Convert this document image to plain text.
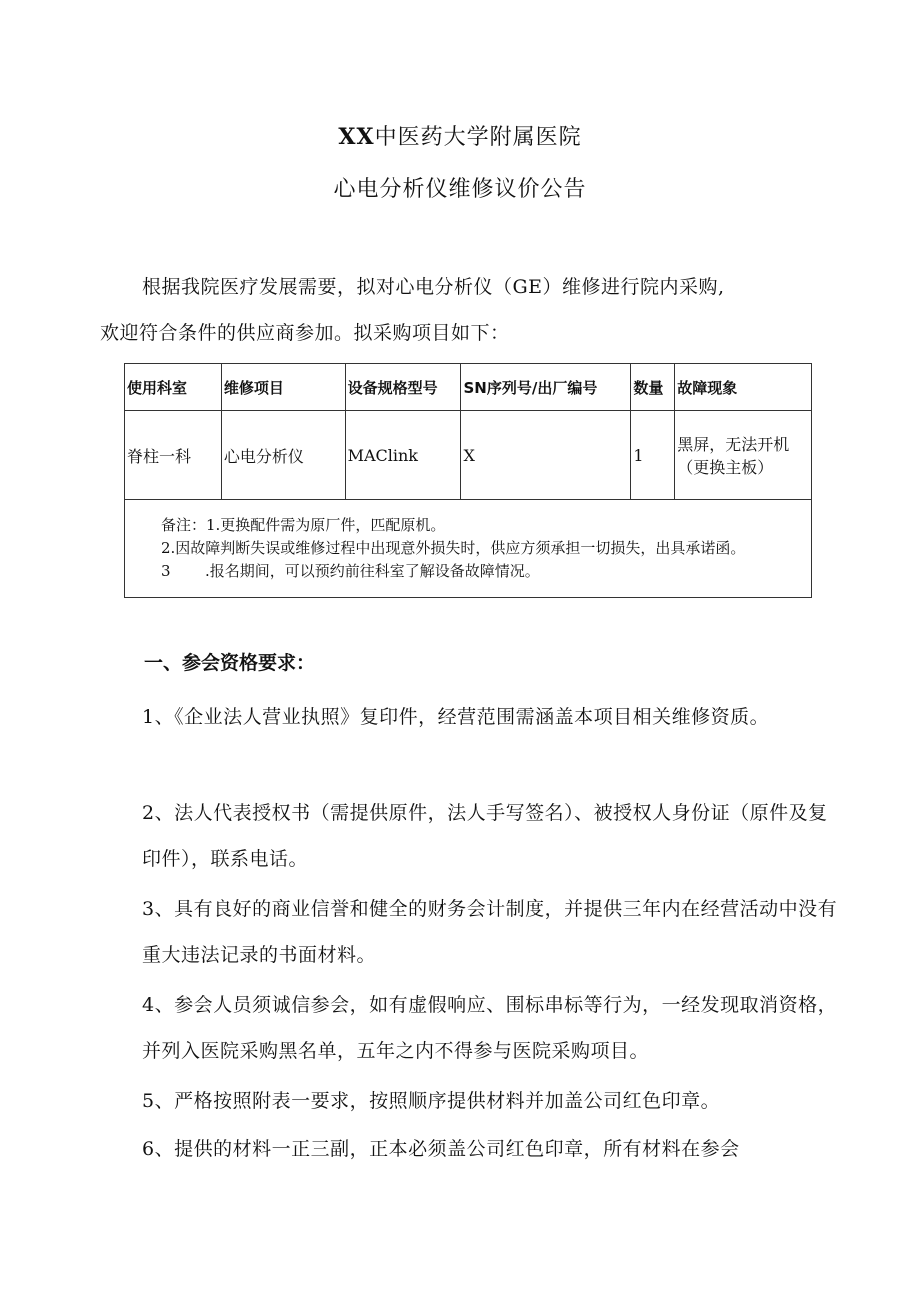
XX中医药大学附属医院
心电分析仪维修议价公告
根据我院医疗发展需要，拟对心电分析仪（GE）维修进行院内采购,
欢迎符合条件的供应商参加。拟采购项目如下：
使用科室	维修项目	设备规格型号	SN序列号/出厂编号	数量	故障现象
脊柱一科	心电分析仪	MAClink	X	1	黑屏，无法开机（更换主板）

备注：1.更换配件需为原厂件，匹配原机。
2.因故障判断失误或维修过程中出现意外损失时，供应方须承担一切损失，出具承诺函。
3 .报名期间，可以预约前往科室了解设备故障情况。					
一、参会资格要求：
1、《企业法人营业执照》复印件，经营范围需涵盖本项目相关维修资质。
2、法人代表授权书（需提供原件，法人手写签名）、被授权人身份证（原件及复印件），联系电话。
3、具有良好的商业信誉和健全的财务会计制度，并提供三年内在经营活动中没有重大违法记录的书面材料。
4、参会人员须诚信参会，如有虚假响应、围标串标等行为，一经发现取消资格，并列入医院采购黑名单，五年之内不得参与医院采购项目。
5、严格按照附表一要求，按照顺序提供材料并加盖公司红色印章。
6、提供的材料一正三副，正本必须盖公司红色印章，所有材料在参会
